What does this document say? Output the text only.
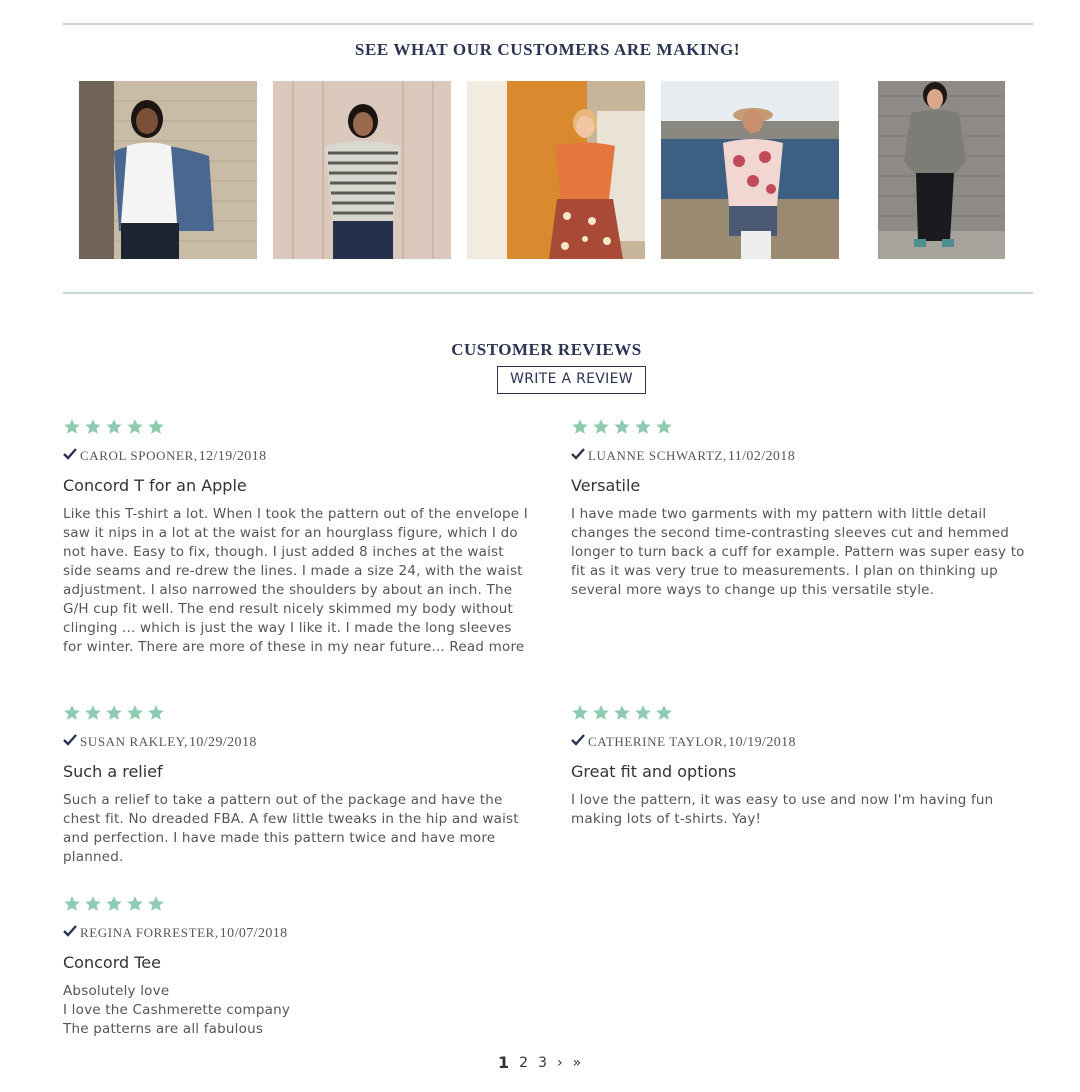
SEE WHAT OUR CUSTOMERS ARE MAKING!
CUSTOMER REVIEWS
WRITE A REVIEW
CAROL SPOONER, 12/19/2018
Concord T for an Apple
Like this T-shirt a lot. When I took the pattern out of the envelope I saw it nips in a lot at the waist for an hourglass figure, which I do not have. Easy to fix, though. I just added 8 inches at the waist side seams and re-drew the lines. I made a size 24, with the waist adjustment. I also narrowed the shoulders by about an inch. The G/H cup fit well. The end result nicely skimmed my body without clinging ... which is just the way I like it. I made the long sleeves for winter. There are more of these in my near future... Read more
LUANNE SCHWARTZ, 11/02/2018
Versatile
I have made two garments with my pattern with little detail changes the second time-contrasting sleeves cut and hemmed longer to turn back a cuff for example. Pattern was super easy to fit as it was very true to measurements. I plan on thinking up several more ways to change up this versatile style.
SUSAN RAKLEY, 10/29/2018
Such a relief
Such a relief to take a pattern out of the package and have the chest fit. No dreaded FBA. A few little tweaks in the hip and waist and perfection. I have made this pattern twice and have more planned.
CATHERINE TAYLOR, 10/19/2018
Great fit and options
I love the pattern, it was easy to use and now I'm having fun making lots of t-shirts. Yay!
REGINA FORRESTER, 10/07/2018
Concord Tee
Absolutely love
I love the Cashmerette company
The patterns are all fabulous
1 2 3 › »
